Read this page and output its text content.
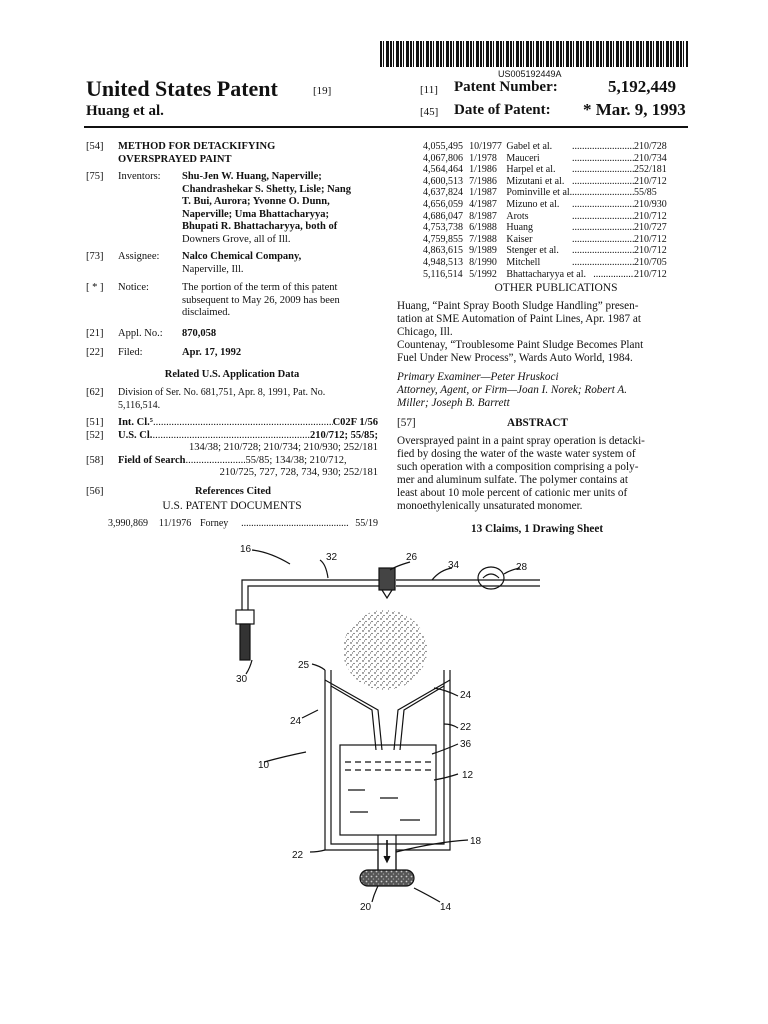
US005192449A
United States Patent	[19]
Huang et al.
[11] Patent Number:	5,192,449
[45] Date of Patent: * Mar. 9, 1993
[54]	METHOD FOR DETACKIFYING
OVERSPRAYED PAINT
[75]	Inventors:	Shu-Jen W. Huang, Naperville;
Chandrashekar S. Shetty, Lisle; Nang
T. Bui, Aurora; Yvonne O. Dunn,
Naperville; Uma Bhattacharyya;
Bhupati R. Bhattacharyya, both of
Downers Grove, all of Ill.
[73]	Assignee:	Nalco Chemical Company,
Naperville, Ill.
[ * ]	Notice:	The portion of the term of this patent
subsequent to May 26, 2009 has been
disclaimed.
[21]	Appl. No.:	870,058
[22]	Filed:	Apr. 17, 1992
Related U.S. Application Data
[62]	Division of Ser. No. 681,751, Apr. 8, 1991, Pat. No.
5,116,514.
[51]	Int. Cl.⁵ .....	C02F 1/56
[52]	U.S. Cl. .....	210/712; 55/85;
134/38; 210/728; 210/734; 210/930; 252/181
[58]	Field of Search .....	55/85; 134/38; 210/712,
210/725, 727, 728, 734, 930; 252/181
[56]	References Cited
U.S. PATENT DOCUMENTS
3,990,869	11/1976 Forney .....	55/19
4,055,495 10/1977 Gabel et al. .....	210/728
4,067,806 1/1978 Mauceri .....	210/734
4,564,464 1/1986 Harpel et al. .....	252/181
4,600,513 7/1986 Mizutani et al. .....	210/712
4,637,824 1/1987 Pominville et al. .....	55/85
4,656,059 4/1987 Mizuno et al. .....	210/930
4,686,047 8/1987 Arots .....	210/712
4,753,738 6/1988 Huang .....	210/727
4,759,855 7/1988 Kaiser .....	210/712
4,863,615 9/1989 Stenger et al. .....	210/712
4,948,513 8/1990 Mitchell .....	210/705
5,116,514 5/1992 Bhattacharyya et al. .....	210/712
OTHER PUBLICATIONS
Huang, “Paint Spray Booth Sludge Handling” presen-
tation at SME Automation of Paint Lines, Apr. 1987 at
Chicago, Ill.
Countenay, “Troublesome Paint Sludge Becomes Plant
Fuel Under New Process”, Wards Auto World, 1984.
Primary Examiner—Peter Hruskoci
Attorney, Agent, or Firm—Joan I. Norek; Robert A.
Miller; Joseph B. Barrett
[57]	ABSTRACT
Oversprayed paint in a paint spray operation is detacki-
fied by dosing the water of the waste water system of
such operation with a composition comprising a poly-
mer and aluminum sulfate. The polymer contains at
least about 10 mole percent of cationic mer units of
monoethylenically unsaturated monomer.
13 Claims, 1 Drawing Sheet
16
32	26
34	28
25
30
24
24
22
36
10
12
18
22
20	14
